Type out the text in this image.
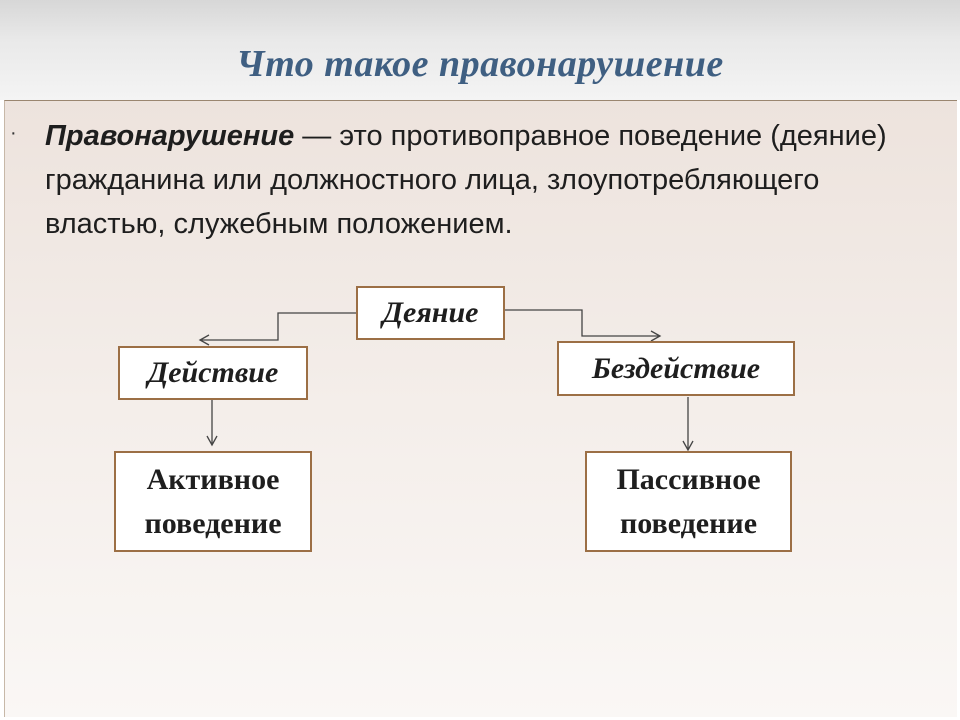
Что такое правонарушение
· Правонарушение — это противоправное поведение (деяние) гражданина или должностного лица, злоупотребляющего властью, служебным положением.

Деяние
Действие	Бездействие
Активное
поведение
Пассивное
поведение
